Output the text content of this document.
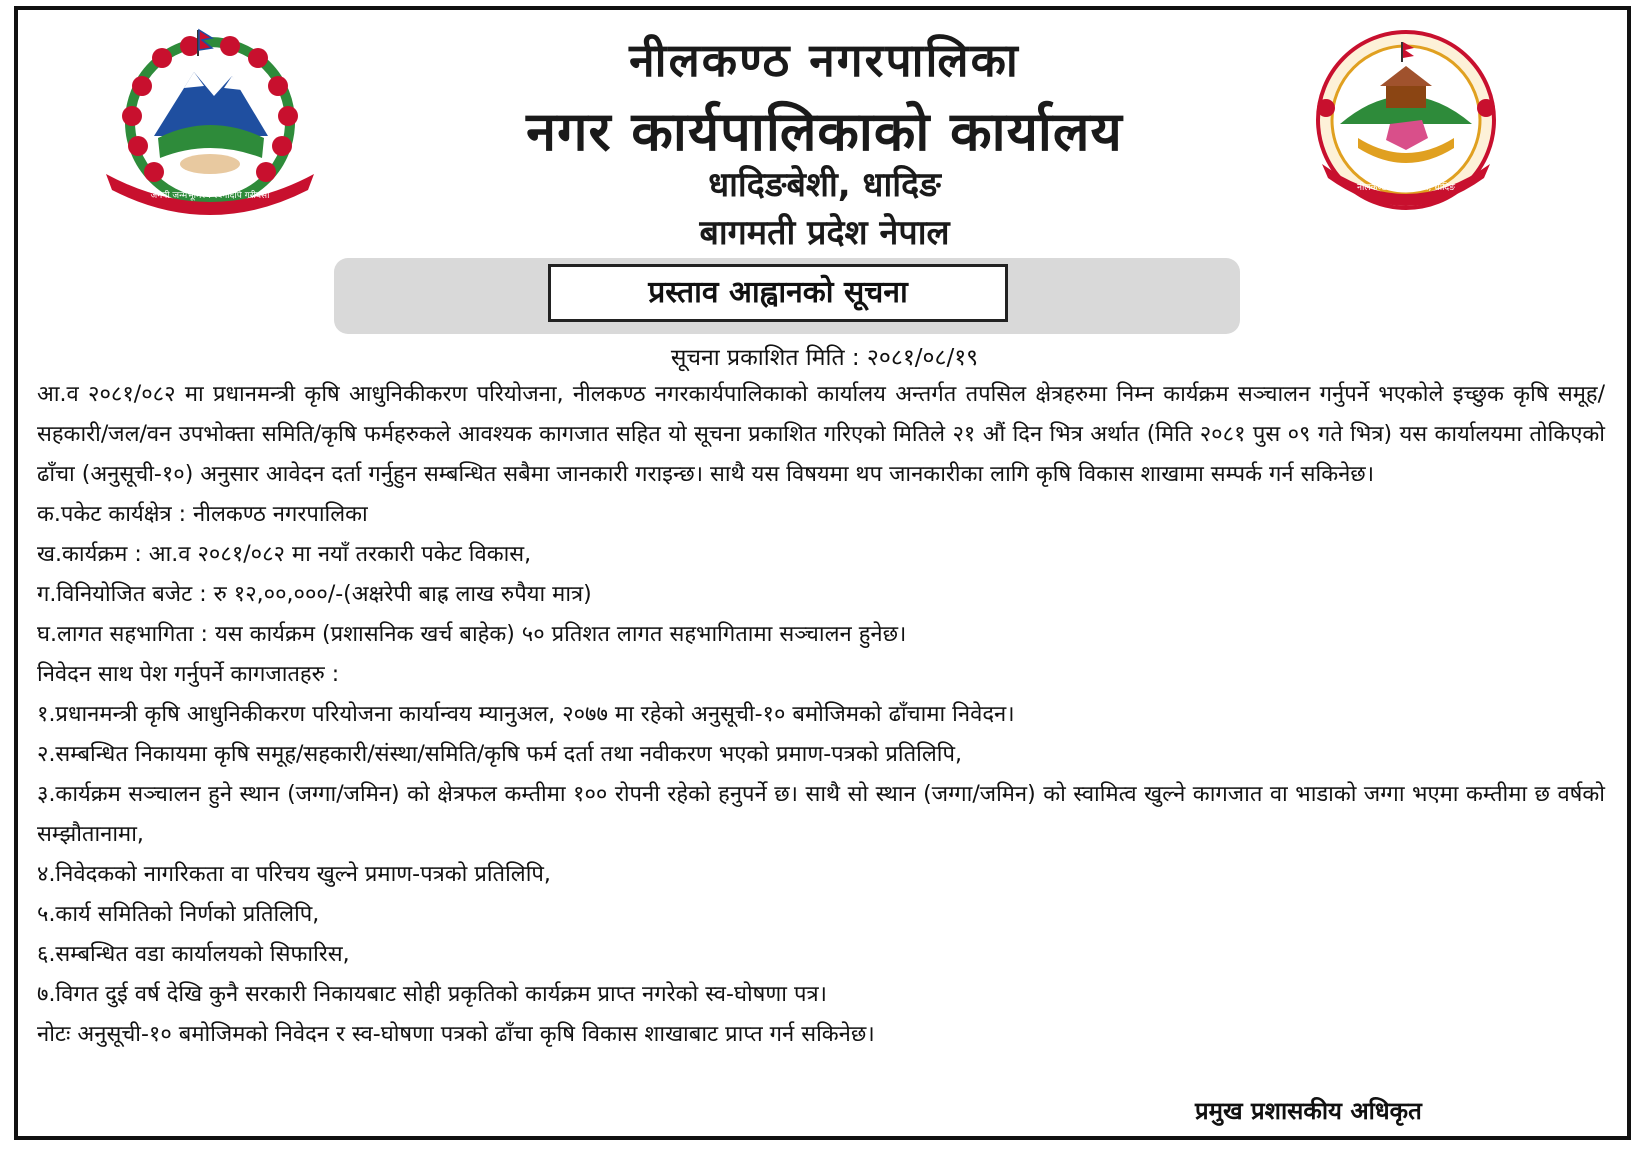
जननी जन्मभूमिश्च स्वर्गादपि गरीयसी
नीलकण्ठ नगरपालिका, धादिङ
नीलकण्ठ नगरपालिका
नगर कार्यपालिकाको कार्यालय
धादिङबेशी, धादिङ
बागमती प्रदेश नेपाल
प्रस्ताव आह्वानको सूचना
सूचना प्रकाशित मिति : २०८१/०८/१९

आ.व २०८१/०८२ मा प्रधानमन्त्री कृषि आधुनिकीकरण परियोजना, नीलकण्ठ नगरकार्यपालिकाको कार्यालय अन्तर्गत तपसिल क्षेत्रहरुमा निम्न कार्यक्रम सञ्चालन गर्नुपर्ने भएकोले इच्छुक कृषि समूह/सहकारी/जल/वन उपभोक्ता समिति/कृषि फर्महरुकले आवश्यक कागजात सहित यो सूचना प्रकाशित गरिएको मितिले २१ औं दिन भित्र अर्थात (मिति २०८१ पुस ०९ गते भित्र) यस कार्यालयमा तोकिएको ढाँचा (अनुसूची-१०) अनुसार आवेदन दर्ता गर्नुहुन सम्बन्धित सबैमा जानकारी गराइन्छ। साथै यस विषयमा थप जानकारीका लागि कृषि विकास शाखामा सम्पर्क गर्न सकिनेछ।

क.पकेट कार्यक्षेत्र : नीलकण्ठ नगरपालिका

ख.कार्यक्रम : आ.व २०८१/०८२ मा नयाँ तरकारी पकेट विकास,

ग.विनियोजित बजेट : रु १२,००,०००/-(अक्षरेपी बाह्र लाख रुपैया मात्र)

घ.लागत सहभागिता : यस कार्यक्रम (प्रशासनिक खर्च बाहेक) ५० प्रतिशत लागत सहभागितामा सञ्चालन हुनेछ।

निवेदन साथ पेश गर्नुपर्ने कागजातहरु :

१.प्रधानमन्त्री कृषि आधुनिकीकरण परियोजना कार्यान्वय म्यानुअल, २०७७ मा रहेको अनुसूची-१० बमोजिमको ढाँचामा निवेदन।

२.सम्बन्धित निकायमा कृषि समूह/सहकारी/संस्था/समिति/कृषि फर्म दर्ता तथा नवीकरण भएको प्रमाण-पत्रको प्रतिलिपि,

३.कार्यक्रम सञ्चालन हुने स्थान (जग्गा/जमिन) को क्षेत्रफल कम्तीमा १०० रोपनी रहेको हनुपर्ने छ। साथै सो स्थान (जग्गा/जमिन) को स्वामित्व खुल्ने कागजात वा भाडाको जग्गा भएमा कम्तीमा छ वर्षको सम्झौतानामा,

४.निवेदकको नागरिकता वा परिचय खुल्ने प्रमाण-पत्रको प्रतिलिपि,

५.कार्य समितिको निर्णको प्रतिलिपि,

६.सम्बन्धित वडा कार्यालयको सिफारिस,

७.विगत दुई वर्ष देखि कुनै सरकारी निकायबाट सोही प्रकृतिको कार्यक्रम प्राप्त नगरेको स्व-घोषणा पत्र।

नोटः अनुसूची-१० बमोजिमको निवेदन र स्व-घोषणा पत्रको ढाँचा कृषि विकास शाखाबाट प्राप्त गर्न सकिनेछ।

प्रमुख प्रशासकीय अधिकृत
